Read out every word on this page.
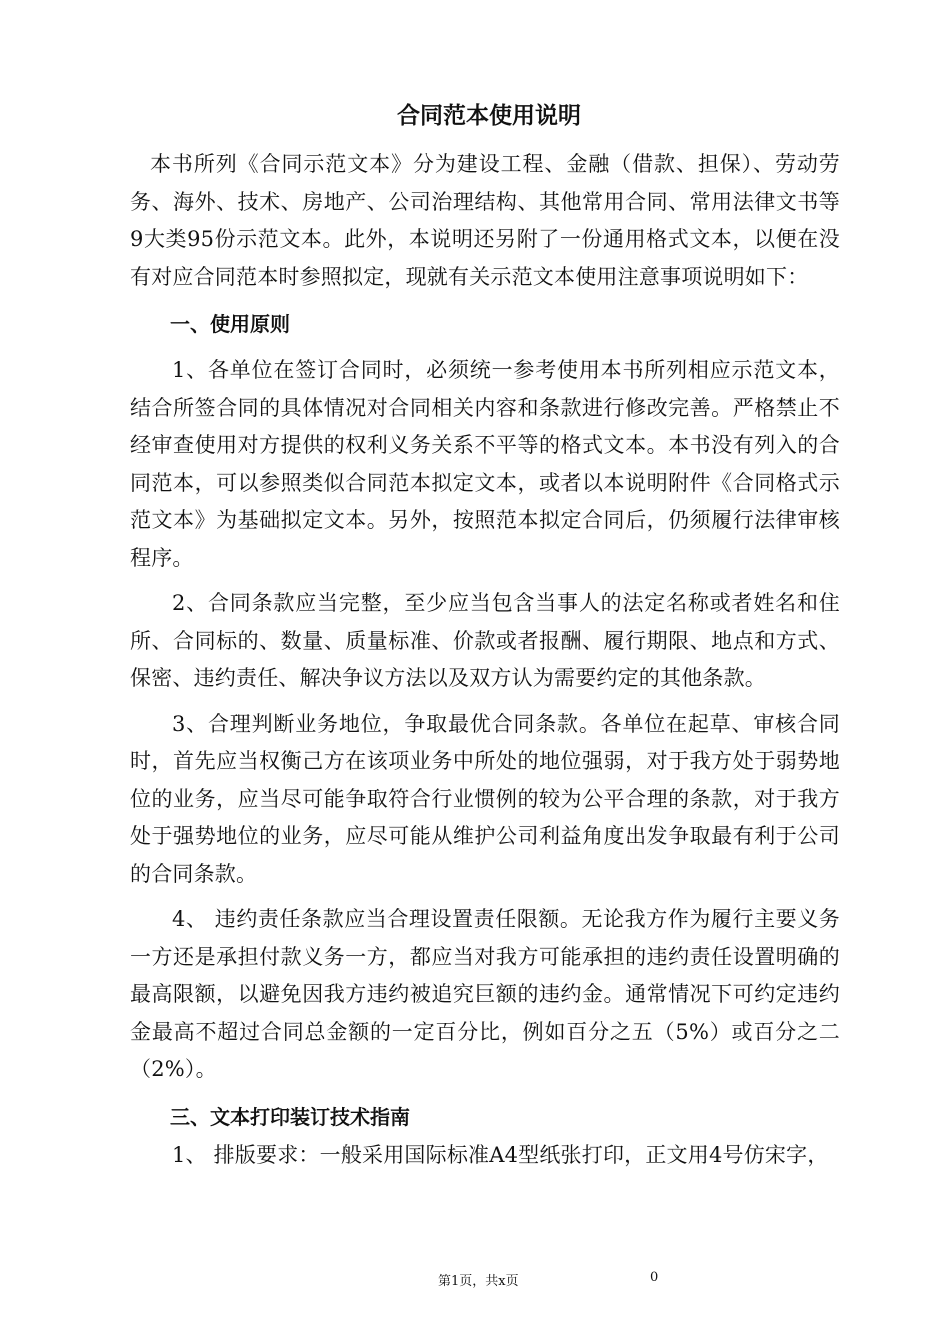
合同范本使用说明

本书所列《合同示范文本》分为建设工程、金融（借款、担保）、劳动劳务、海外、技术、房地产、公司治理结构、其他常用合同、常用法律文书等9大类95份示范文本。此外，本说明还另附了一份通用格式文本，以便在没有对应合同范本时参照拟定，现就有关示范文本使用注意事项说明如下：

一、使用原则

1、各单位在签订合同时，必须统一参考使用本书所列相应示范文本，结合所签合同的具体情况对合同相关内容和条款进行修改完善。严格禁止不经审查使用对方提供的权利义务关系不平等的格式文本。本书没有列入的合同范本，可以参照类似合同范本拟定文本，或者以本说明附件《合同格式示范文本》为基础拟定文本。另外，按照范本拟定合同后，仍须履行法律审核程序。

2、合同条款应当完整，至少应当包含当事人的法定名称或者姓名和住所、合同标的、数量、质量标准、价款或者报酬、履行期限、地点和方式、保密、违约责任、解决争议方法以及双方认为需要约定的其他条款。

3、合理判断业务地位，争取最优合同条款。各单位在起草、审核合同时，首先应当权衡己方在该项业务中所处的地位强弱，对于我方处于弱势地位的业务，应当尽可能争取符合行业惯例的较为公平合理的条款，对于我方处于强势地位的业务，应尽可能从维护公司利益角度出发争取最有利于公司的合同条款。

4、 违约责任条款应当合理设置责任限额。无论我方作为履行主要义务一方还是承担付款义务一方，都应当对我方可能承担的违约责任设置明确的最高限额，以避免因我方违约被追究巨额的违约金。通常情况下可约定违约金最高不超过合同总金额的一定百分比，例如百分之五（5%）或百分之二（2%）。

三、文本打印装订技术指南

1、 排版要求：一般采用国际标准A4型纸张打印，正文用4号仿宋字，

第1页，共x页	0
